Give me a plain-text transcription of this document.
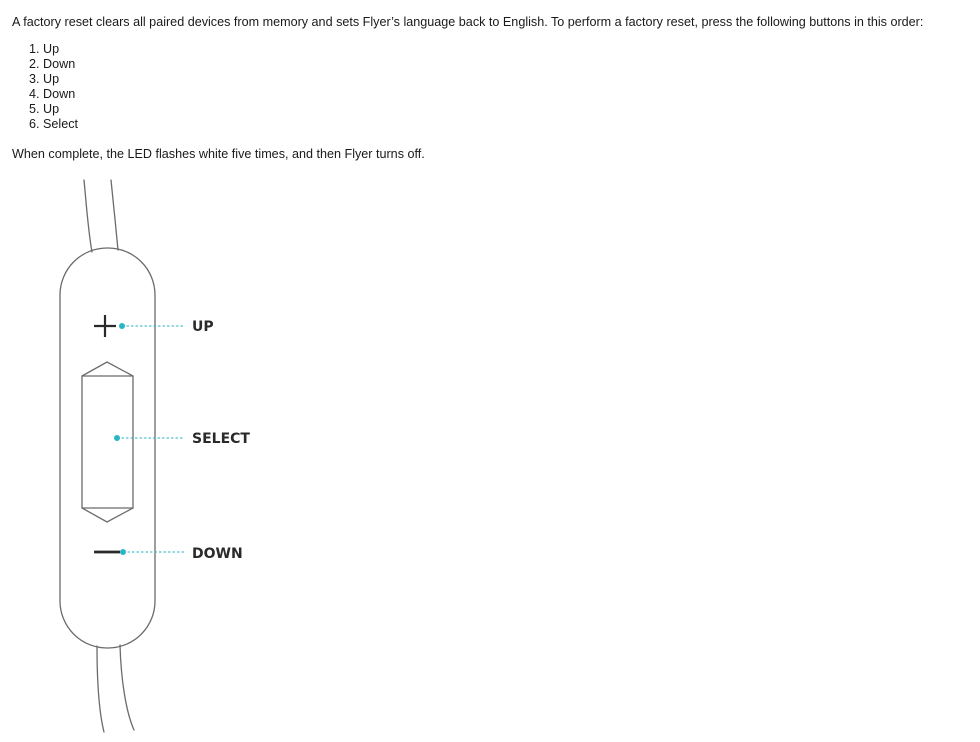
A factory reset clears all paired devices from memory and sets Flyer’s language back to English. To perform a factory reset, press the following buttons in this order:

1. Up
2. Down
3. Up
4. Down
5. Up
6. Select

When complete, the LED flashes white five times, and then Flyer turns off.

UP
SELECT
DOWN
